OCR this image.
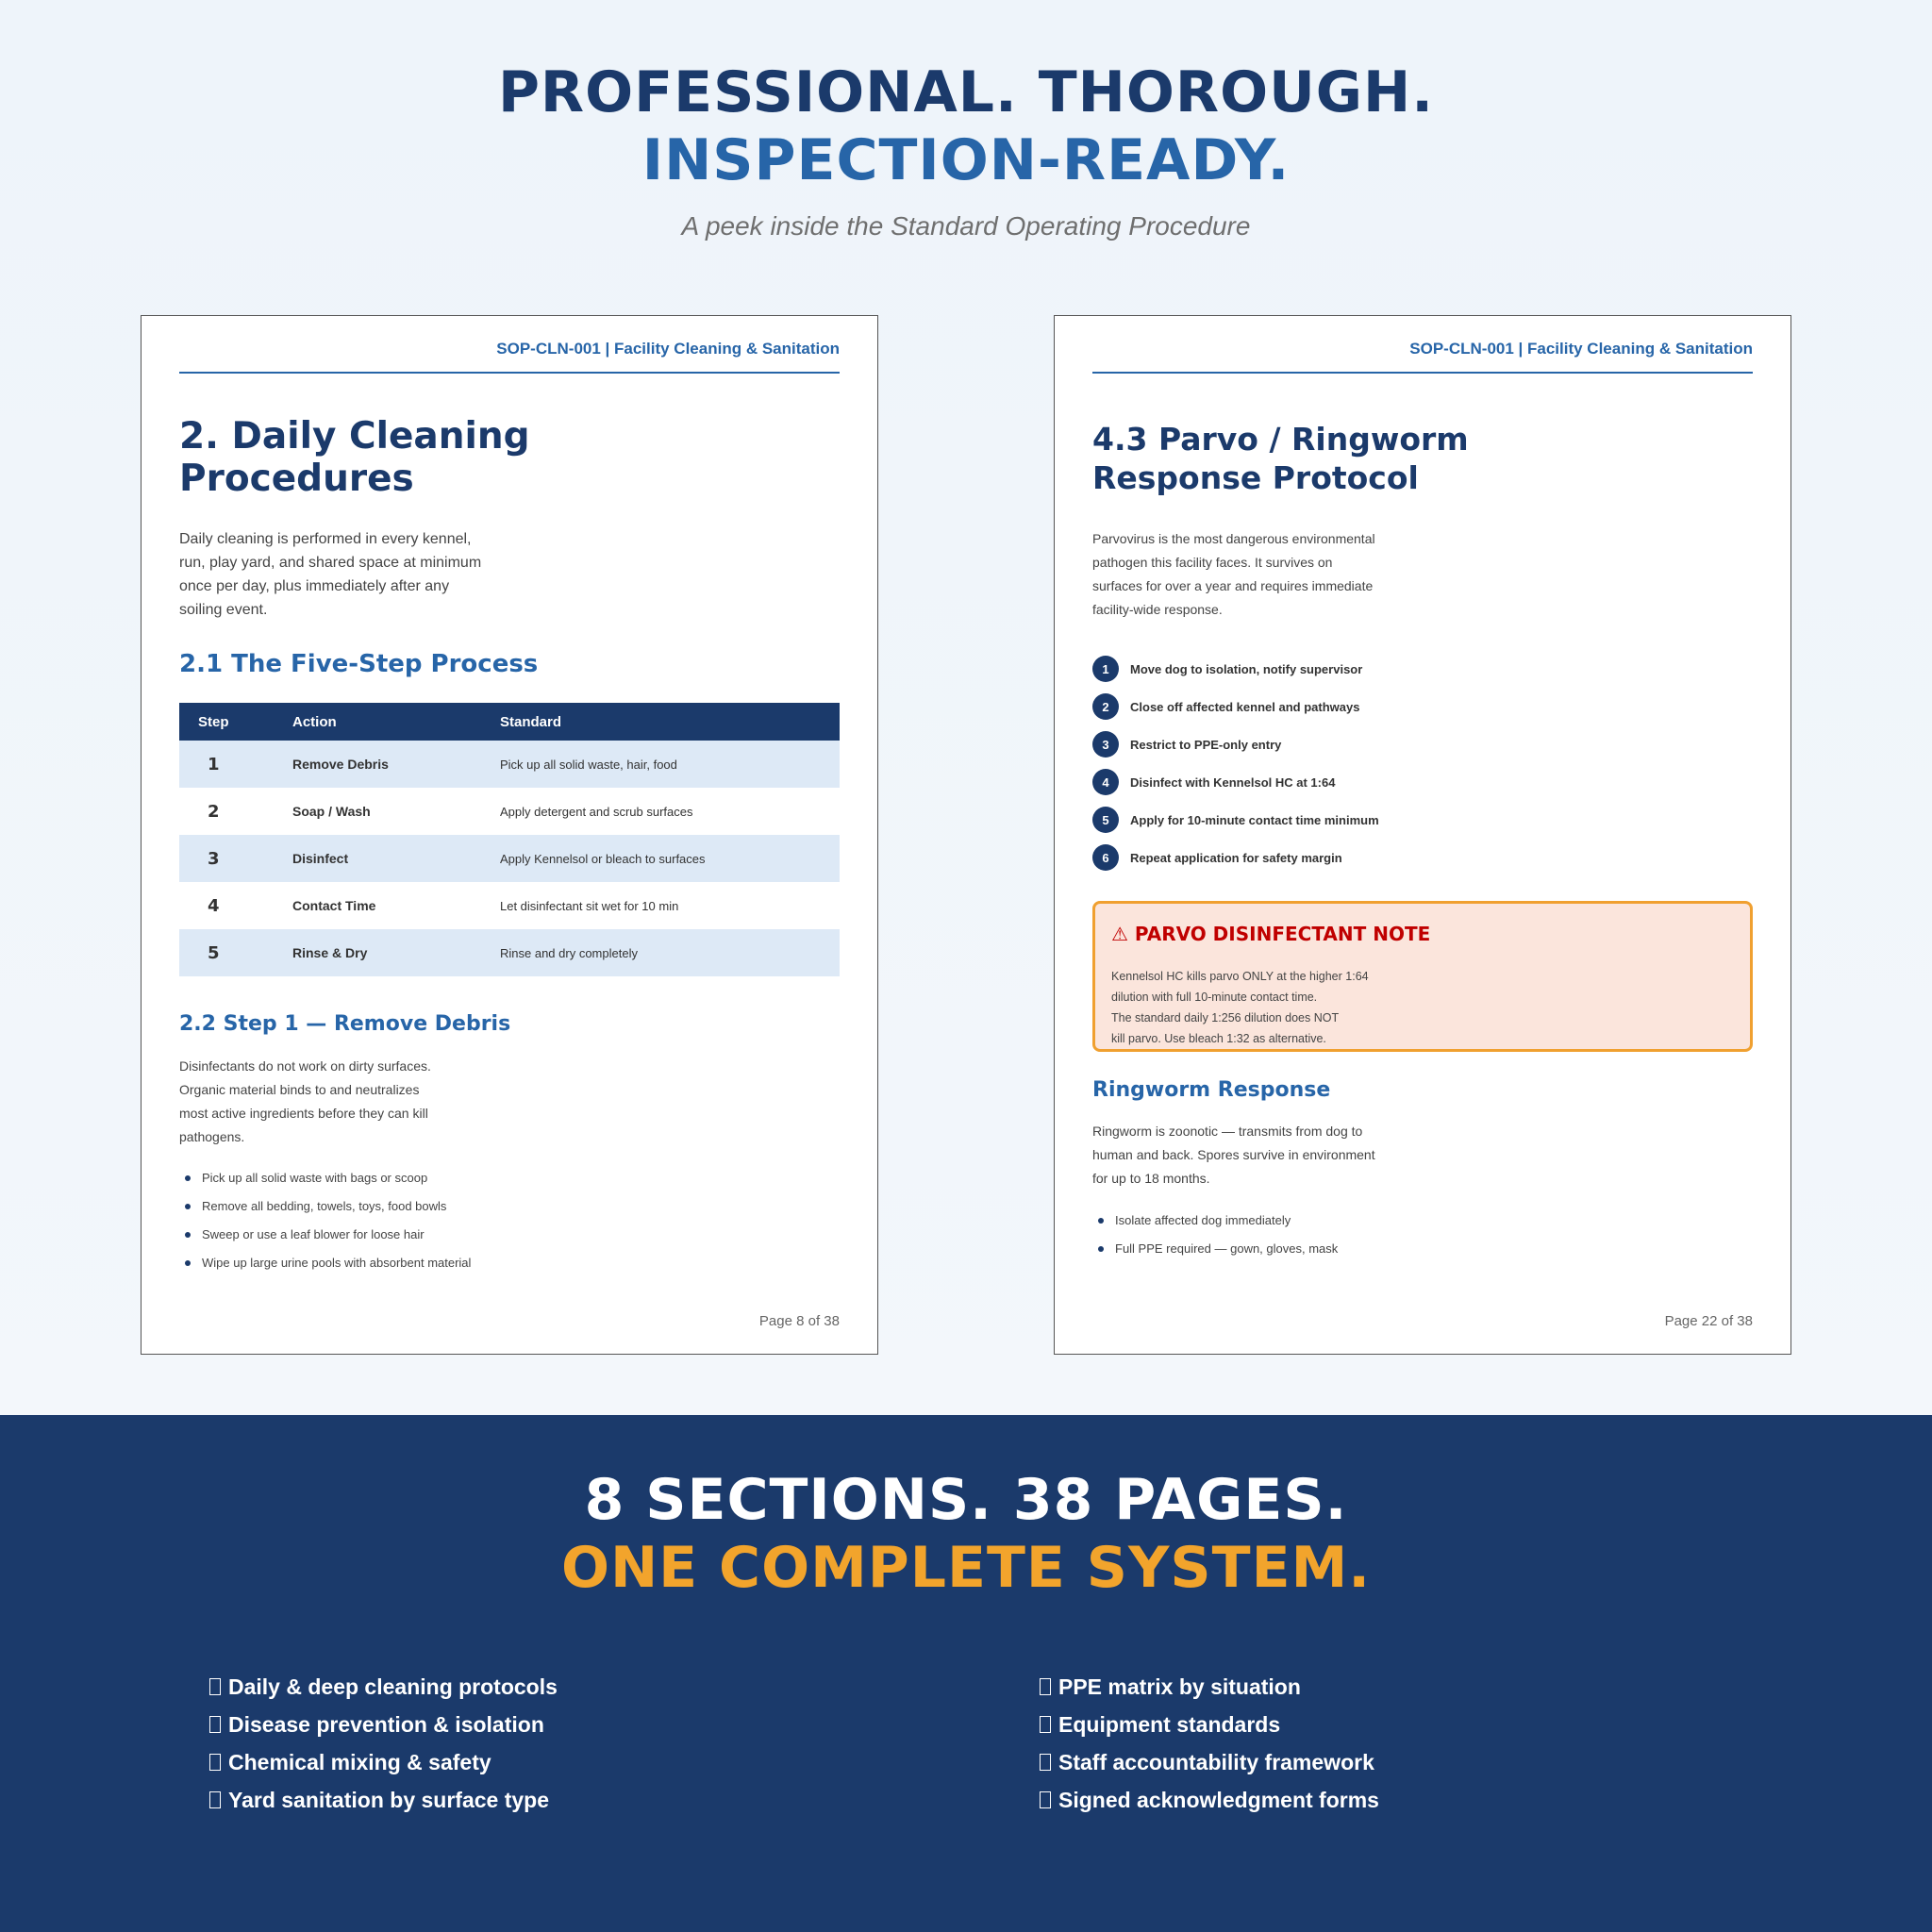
PROFESSIONAL. THOROUGH.
INSPECTION-READY.
A peek inside the Standard Operating Procedure
SOP-CLN-001 | Facility Cleaning & Sanitation
2. Daily Cleaning
Procedures
Daily cleaning is performed in every kennel,
run, play yard, and shared space at minimum
once per day, plus immediately after any
soiling event.
2.1 The Five-Step Process
Step	Action	Standard
1	Remove Debris	Pick up all solid waste, hair, food
2	Soap / Wash	Apply detergent and scrub surfaces
3	Disinfect	Apply Kennelsol or bleach to surfaces
4	Contact Time	Let disinfectant sit wet for 10 min
5	Rinse & Dry	Rinse and dry completely
2.2 Step 1 — Remove Debris
Disinfectants do not work on dirty surfaces.
Organic material binds to and neutralizes
most active ingredients before they can kill
pathogens.
Pick up all solid waste with bags or scoop
Remove all bedding, towels, toys, food bowls
Sweep or use a leaf blower for loose hair
Wipe up large urine pools with absorbent material
Page 8 of 38
SOP-CLN-001 | Facility Cleaning & Sanitation
4.3 Parvo / Ringworm
Response Protocol
Parvovirus is the most dangerous environmental
pathogen this facility faces. It survives on
surfaces for over a year and requires immediate
facility-wide response.
1	Move dog to isolation, notify supervisor
2	Close off affected kennel and pathways
3	Restrict to PPE-only entry
4	Disinfect with Kennelsol HC at 1:64
5	Apply for 10-minute contact time minimum
6	Repeat application for safety margin
⚠ PARVO DISINFECTANT NOTE
Kennelsol HC kills parvo ONLY at the higher 1:64
dilution with full 10-minute contact time.
The standard daily 1:256 dilution does NOT
kill parvo. Use bleach 1:32 as alternative.
Ringworm Response
Ringworm is zoonotic — transmits from dog to
human and back. Spores survive in environment
for up to 18 months.
Isolate affected dog immediately
Full PPE required — gown, gloves, mask
Page 22 of 38
8 SECTIONS. 38 PAGES.
ONE COMPLETE SYSTEM.
Daily & deep cleaning protocols
Disease prevention & isolation
Chemical mixing & safety
Yard sanitation by surface type
PPE matrix by situation
Equipment standards
Staff accountability framework
Signed acknowledgment forms
